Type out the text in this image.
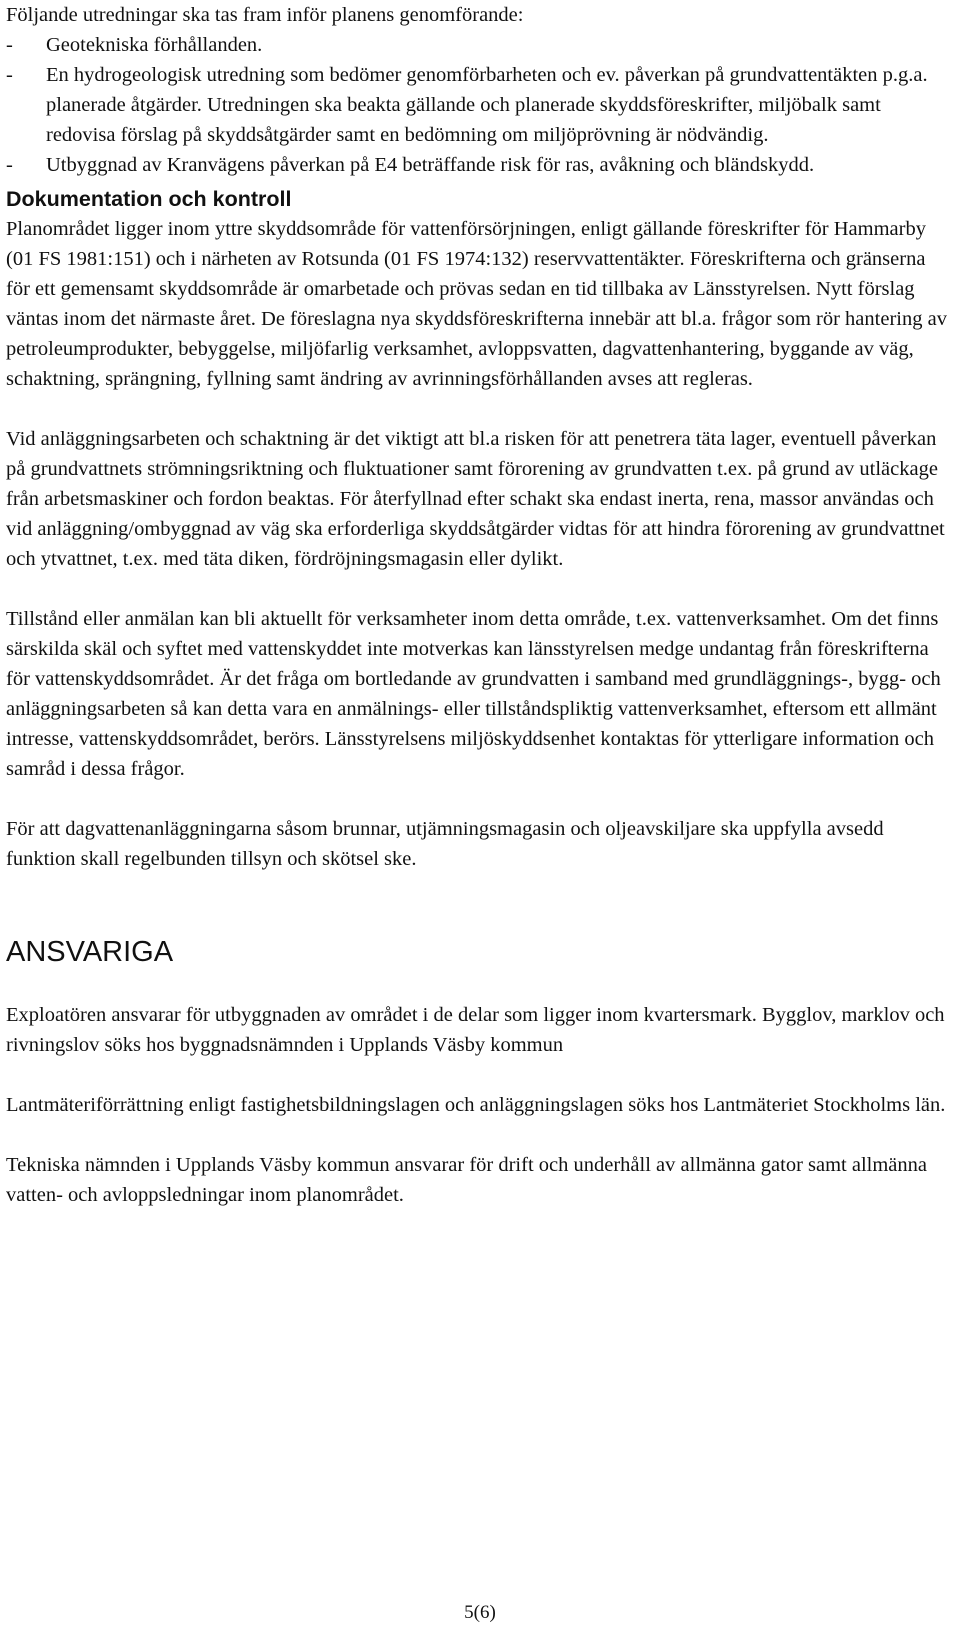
Följande utredningar ska tas fram inför planens genomförande:

-	Geotekniska förhållanden.
-	En hydrogeologisk utredning som bedömer genomförbarheten och ev. påverkan på grundvattentäkten p.g.a. planerade åtgärder. Utredningen ska beakta gällande och planerade skyddsföreskrifter, miljöbalk samt redovisa förslag på skyddsåtgärder samt en bedömning om miljöprövning är nödvändig.
-	Utbyggnad av Kranvägens påverkan på E4 beträffande risk för ras, avåkning och bländskydd.
Dokumentation och kontroll

Planområdet ligger inom yttre skyddsområde för vattenförsörjningen, enligt gällande föreskrifter för Hammarby (01 FS 1981:151) och i närheten av Rotsunda (01 FS 1974:132) reservvattentäkter. Föreskrifterna och gränserna för ett gemensamt skyddsområde är omarbetade och prövas sedan en tid tillbaka av Länsstyrelsen. Nytt förslag väntas inom det närmaste året. De föreslagna nya skyddsföreskrifterna innebär att bl.a. frågor som rör hantering av petroleumprodukter, bebyggelse, miljöfarlig verksamhet, avloppsvatten, dagvattenhantering, byggande av väg, schaktning, sprängning, fyllning samt ändring av avrinningsförhållanden avses att regleras.

Vid anläggningsarbeten och schaktning är det viktigt att bl.a risken för att penetrera täta lager, eventuell påverkan på grundvattnets strömningsriktning och fluktuationer samt förorening av grundvatten t.ex. på grund av utläckage från arbetsmaskiner och fordon beaktas. För återfyllnad efter schakt ska endast inerta, rena, massor användas och vid anläggning/ombyggnad av väg ska erforderliga skyddsåtgärder vidtas för att hindra förorening av grundvattnet och ytvattnet, t.ex. med täta diken, fördröjningsmagasin eller dylikt.

Tillstånd eller anmälan kan bli aktuellt för verksamheter inom detta område, t.ex. vattenverksamhet. Om det finns särskilda skäl och syftet med vattenskyddet inte motverkas kan länsstyrelsen medge undantag från föreskrifterna för vattenskyddsområdet. Är det fråga om bortledande av grundvatten i samband med grundläggnings-, bygg- och anläggningsarbeten så kan detta vara en anmälnings- eller tillståndspliktig vattenverksamhet, eftersom ett allmänt intresse, vattenskyddsområdet, berörs. Länsstyrelsens miljöskyddsenhet kontaktas för ytterligare information och samråd i dessa frågor.

För att dagvattenanläggningarna såsom brunnar, utjämningsmagasin och oljeavskiljare ska uppfylla avsedd funktion skall regelbunden tillsyn och skötsel ske.

ANSVARIGA

Exploatören ansvarar för utbyggnaden av området i de delar som ligger inom kvartersmark. Bygglov, marklov och rivningslov söks hos byggnadsnämnden i Upplands Väsby kommun

Lantmäteriförrättning enligt fastighetsbildningslagen och anläggningslagen söks hos Lantmäteriet Stockholms län.

Tekniska nämnden i Upplands Väsby kommun ansvarar för drift och underhåll av allmänna gator samt allmänna vatten- och avloppsledningar inom planområdet.

5(6)
